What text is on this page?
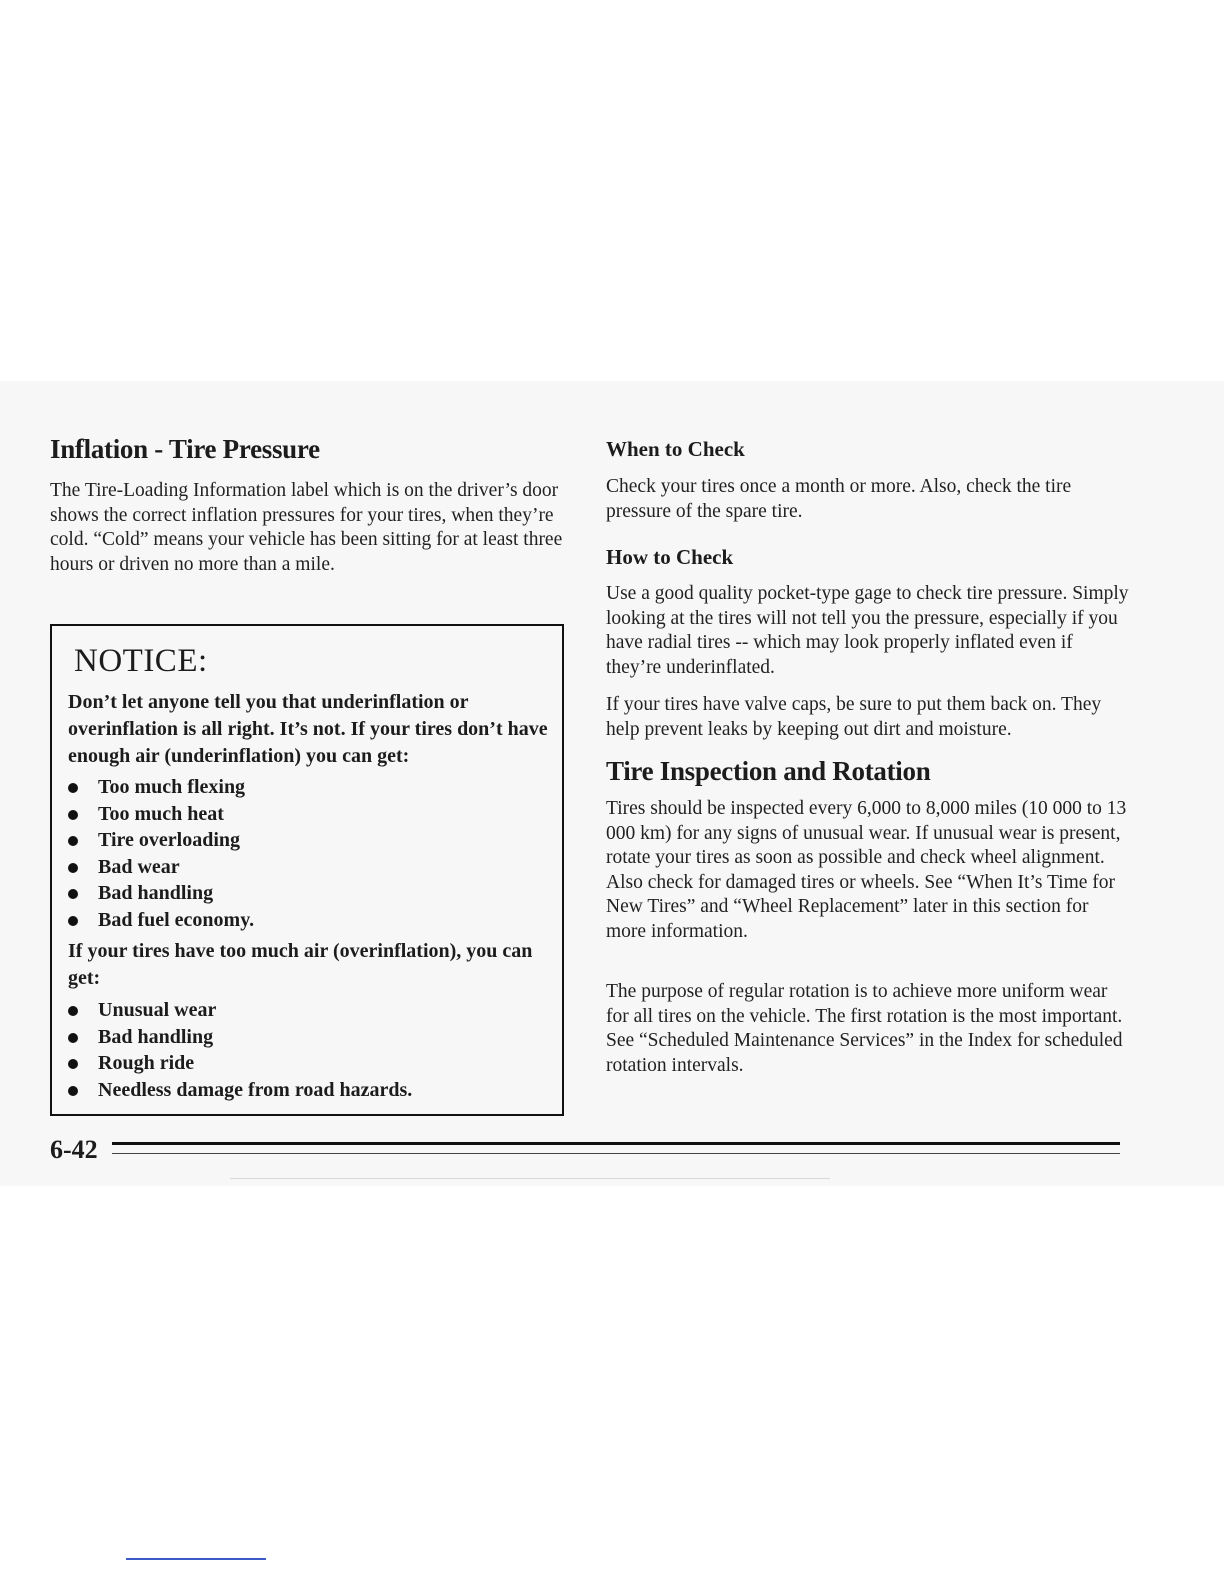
Inflation - Tire Pressure

The Tire-Loading Information label which is on the driver’s door shows the correct inflation pressures for your tires, when they’re cold. “Cold” means your vehicle has been sitting for at least three hours or driven no more than a mile.

NOTICE:

Don’t let anyone tell you that underinflation or overinflation is all right. It’s not. If your tires don’t have enough air (underinflation) you can get:

Too much flexing
Too much heat
Tire overloading
Bad wear
Bad handling
Bad fuel economy.

If your tires have too much air (overinflation), you can get:

Unusual wear
Bad handling
Rough ride
Needless damage from road hazards.
When to Check

Check your tires once a month or more. Also, check the tire pressure of the spare tire.

How to Check

Use a good quality pocket-type gage to check tire pressure. Simply looking at the tires will not tell you the pressure, especially if you have radial tires -- which may look properly inflated even if they’re underinflated.

If your tires have valve caps, be sure to put them back on. They help prevent leaks by keeping out dirt and moisture.

Tire Inspection and Rotation

Tires should be inspected every 6,000 to 8,000 miles (10 000 to 13 000 km) for any signs of unusual wear. If unusual wear is present, rotate your tires as soon as possible and check wheel alignment. Also check for damaged tires or wheels. See “When It’s Time for New Tires” and “Wheel Replacement” later in this section for more information.

The purpose of regular rotation is to achieve more uniform wear for all tires on the vehicle. The first rotation is the most important. See “Scheduled Maintenance Services” in the Index for scheduled rotation intervals.

6-42
